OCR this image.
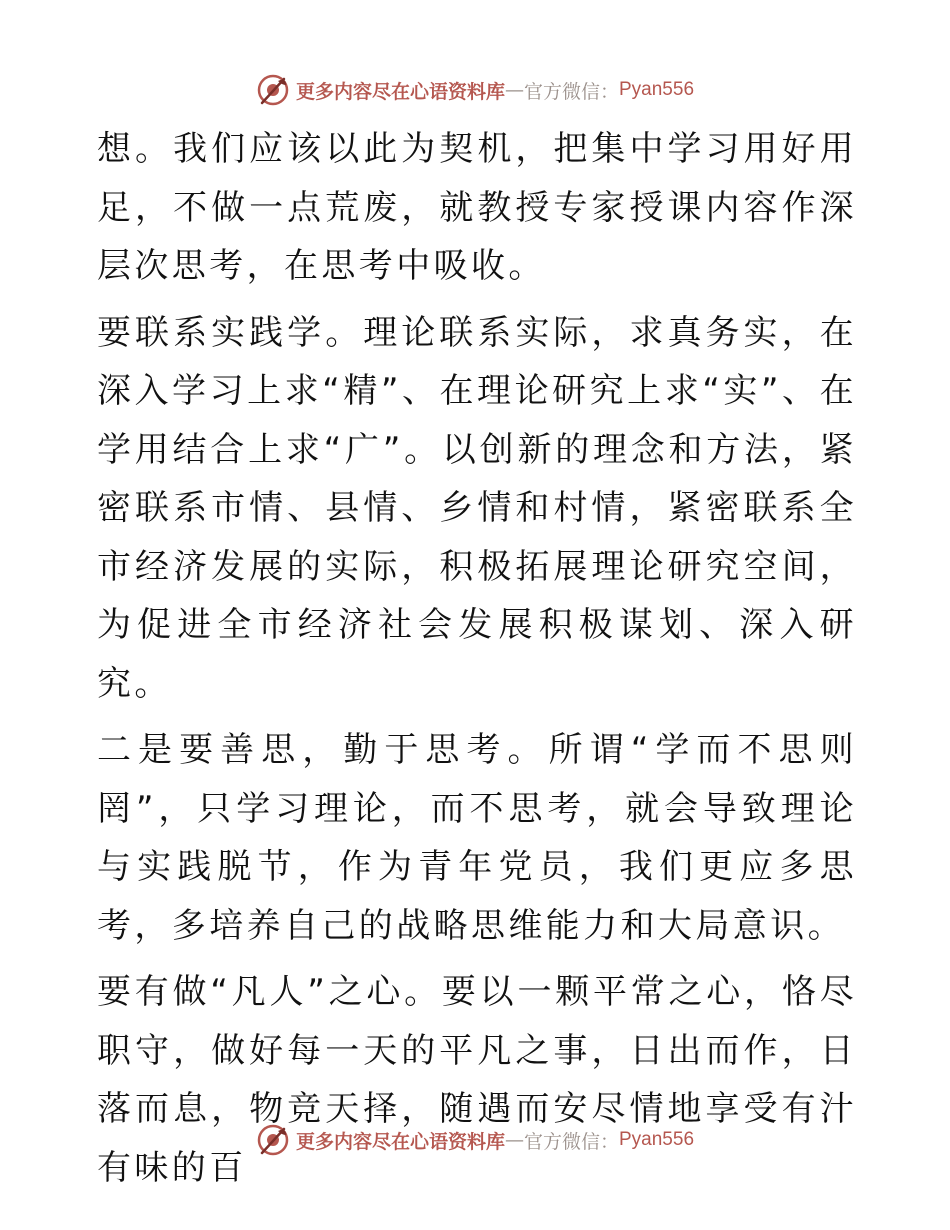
更多内容尽在心语资料库 — 官方微信： Pyan556

想。我们应该以此为契机，把集中学习用好用足，不做一点荒废，就教授专家授课内容作深层次思考，在思考中吸收。

要联系实践学。理论联系实际，求真务实，在深入学习上求“精”、在理论研究上求“实”、在学用结合上求“广”。以创新的理念和方法，紧密联系市情、县情、乡情和村情，紧密联系全市经济发展的实际，积极拓展理论研究空间，为促进全市经济社会发展积极谋划、深入研究。

二是要善思，勤于思考。所谓“学而不思则罔”，只学习理论，而不思考，就会导致理论与实践脱节，作为青年党员，我们更应多思考，多培养自己的战略思维能力和大局意识。

要有做“凡人”之心。要以一颗平常之心，恪尽职守，做好每一天的平凡之事，日出而作，日落而息，物竞天择，随遇而安尽情地享受有汁有味的百

更多内容尽在心语资料库 — 官方微信： Pyan556
